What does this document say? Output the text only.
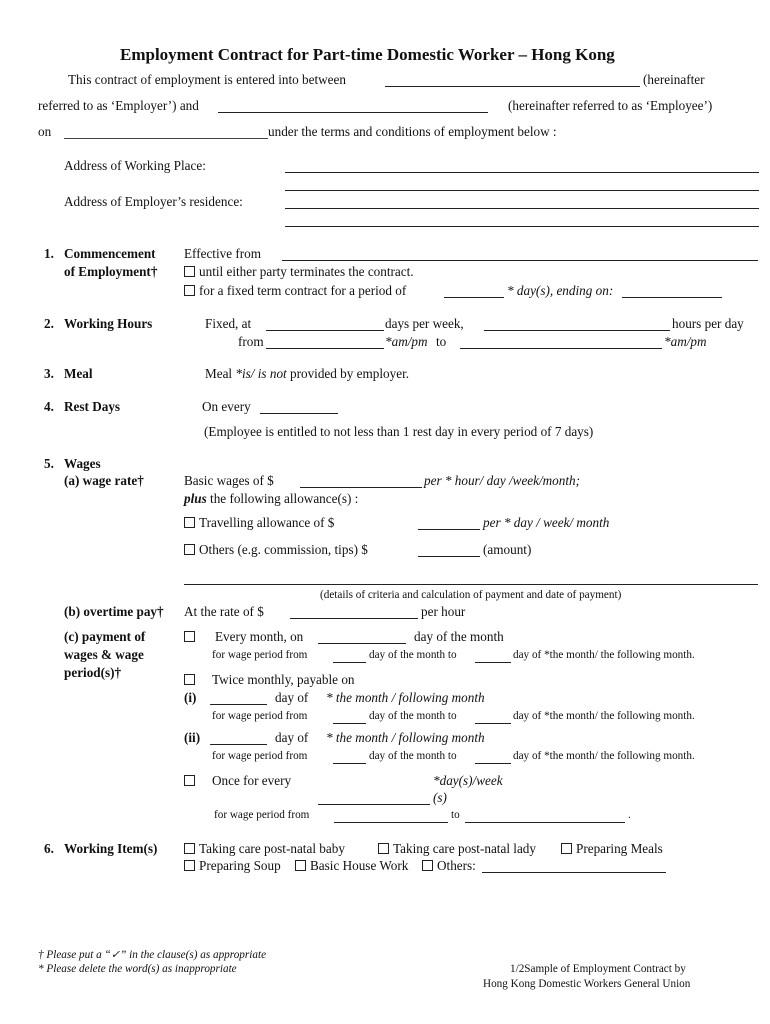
Employment Contract for Part-time Domestic Worker – Hong Kong
This contract of employment is entered into between	(hereinafter
referred to as ‘Employer’) and	(hereinafter referred to as ‘Employee’)
on	under the terms and conditions of employment below :
Address of Working Place:
Address of Employer’s residence:
1. Commencement
of Employment†
Effective from
until either party terminates the contract.
for a fixed term contract for a period of	* day(s), ending on:
2. Working Hours	Fixed, at	days per week,	hours per day
from	*am/pm to	*am/pm
3. Meal	Meal *is/ is not provided by employer.
4. Rest Days	On every
(Employee is entitled to not less than 1 rest day in every period of 7 days)
5. Wages
(a) wage rate†	Basic wages of $	per * hour/ day /week/month;
plus the following allowance(s) :
Travelling allowance of $	per * day / week/ month
Others (e.g. commission, tips) $	(amount)
(details of criteria and calculation of payment and date of payment)
(b) overtime pay† At the rate of $	per hour
(c) payment of
wages & wage
period(s)†
Every month, on	day of the month
for wage period from	day of the month to	day of *the month/ the following month.
Twice monthly, payable on
(i)	day of * the month / following month
for wage period from	day of the month to	day of *the month/ the following month.
(ii)	day of * the month / following month
for wage period from	day of the month to	day of *the month/ the following month.
Once for every	*day(s)/week
(s)
for wage period from	to	.
6. Working Item(s)	Taking care post-natal baby	Taking care post-natal lady	Preparing Meals
Preparing Soup	Basic House Work	Others:
† Please put a “✓” in the clause(s) as appropriate
* Please delete the word(s) as inappropriate	1/2Sample of Employment Contract by
Hong Kong Domestic Workers General Union
